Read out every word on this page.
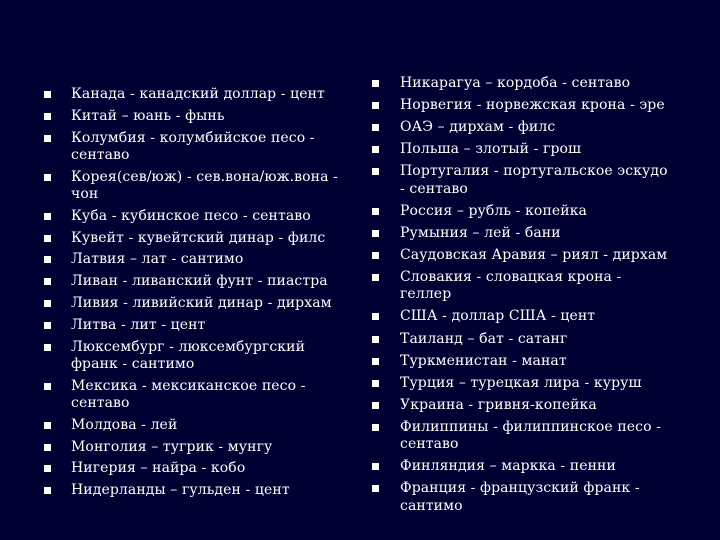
Канада - канадский доллар - цент
Китай – юань - фынь
Колумбия - колумбийское песо - сентаво
Корея(сев/юж) - сев.вона/юж.вона - чон
Куба - кубинское песо - сентаво
Кувейт - кувейтский динар - филс
Латвия – лат - сантимо
Ливан - ливанский фунт - пиастра
Ливия - ливийский динар - дирхам
Литва - лит - цент
Люксембург - люксембургский франк - сантимо
Мексика - мексиканское песо - сентаво
Молдова - лей
Монголия – тугрик - мунгу
Нигерия – найра - кобо
Нидерланды – гульден - цент
Никарагуа – кордоба - сентаво
Норвегия - норвежская крона - эре
ОАЭ – дирхам - филс
Польша – злотый - грош
Португалия - португальское эскудо - сентаво
Россия – рубль - копейка
Румыния – лей - бани
Саудовская Аравия – риял - дирхам
Словакия - словацкая крона - геллер
США - доллар США - цент
Таиланд – бат - сатанг
Туркменистан - манат
Турция – турецкая лира - куруш
Украина - гривня-копейка
Филиппины - филиппинское песо - сентаво
Финляндия – маркка - пенни
Франция - французский франк - сантимо
